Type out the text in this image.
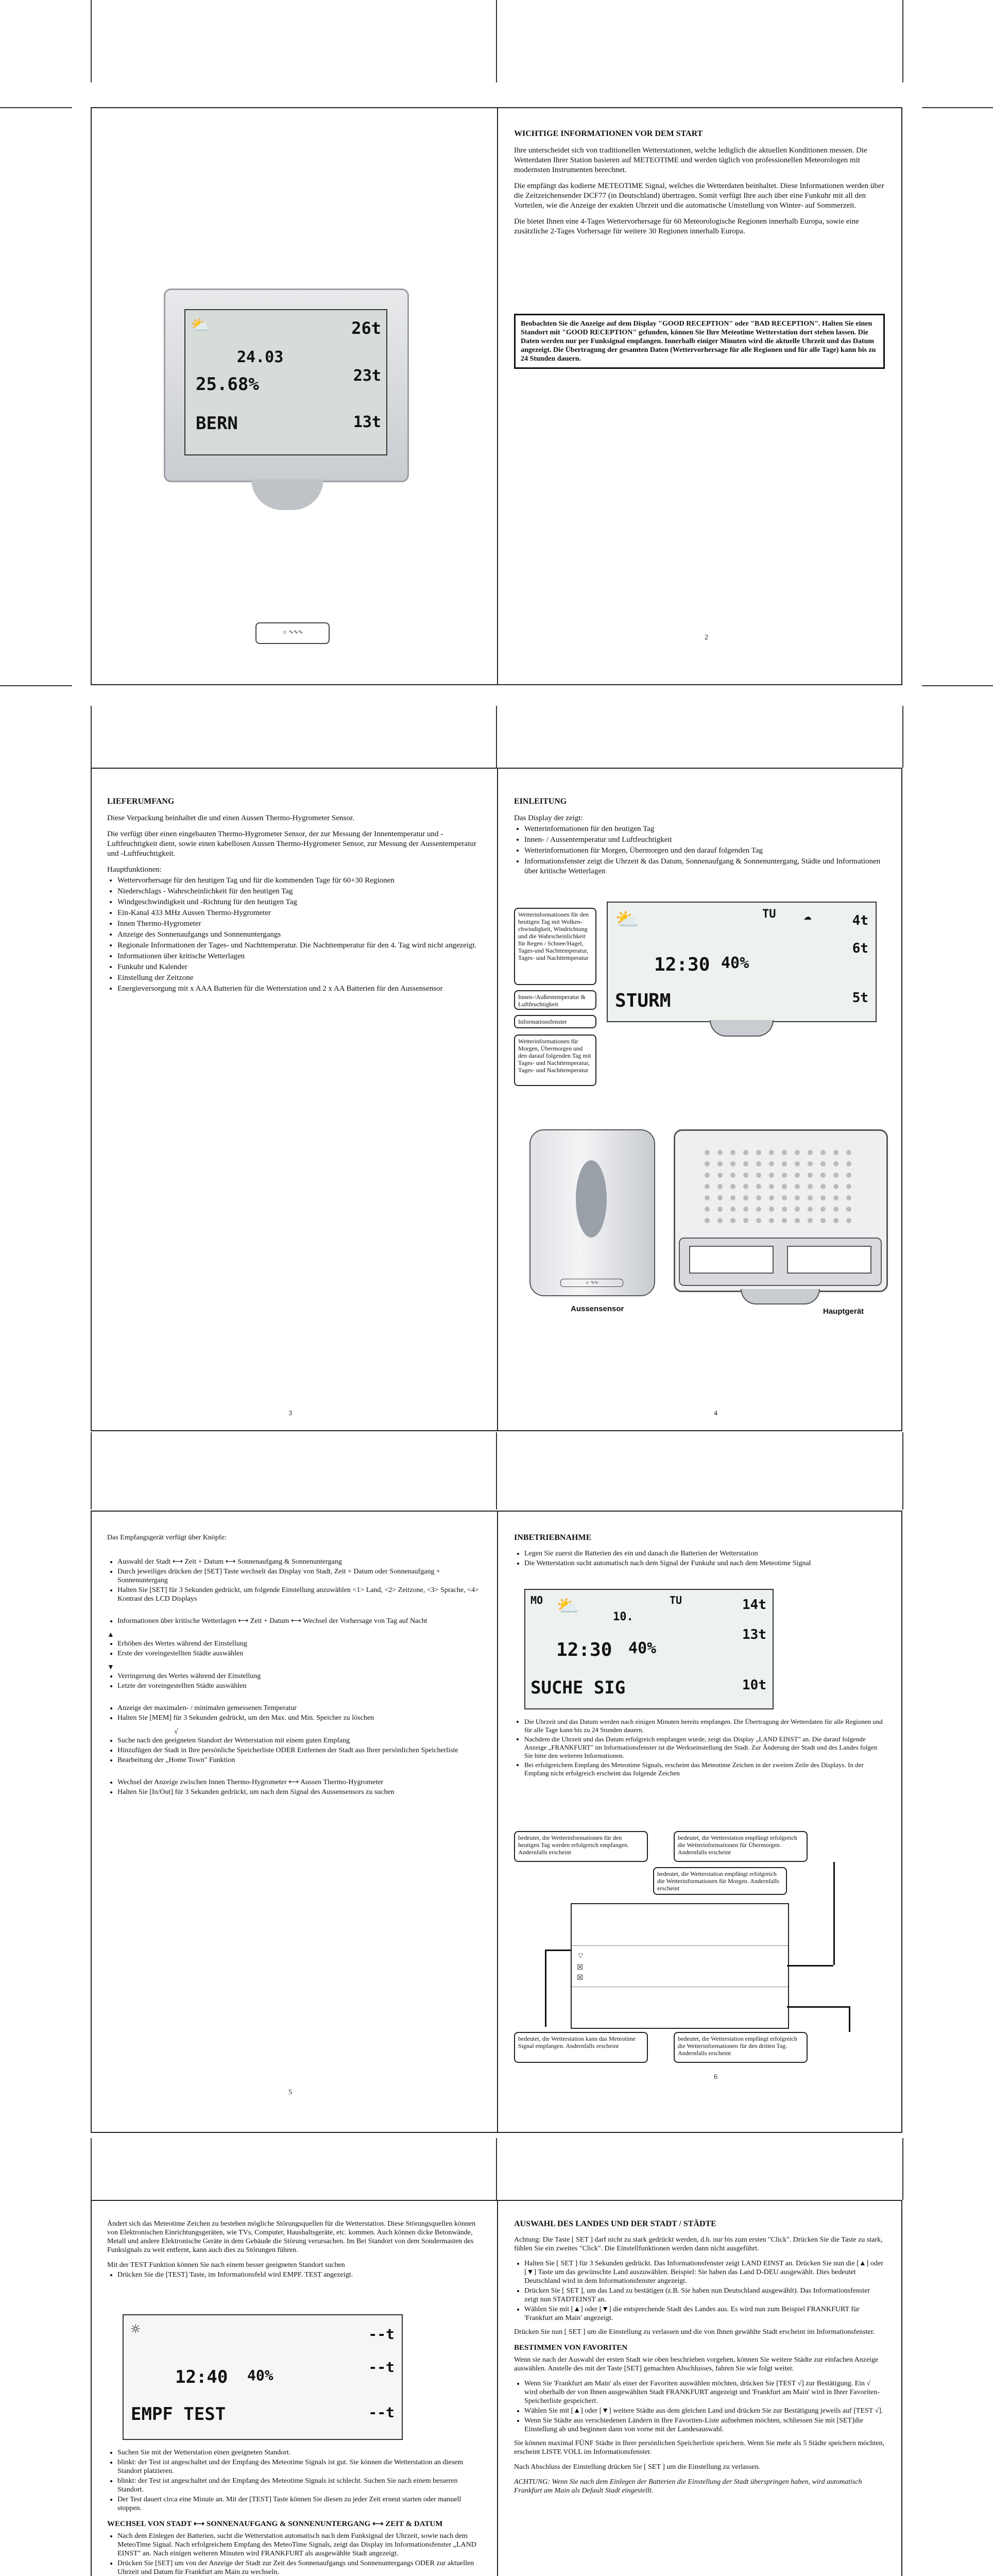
⛅	26t
24.03
25.68%	23t
BERN	13t
☼ ∿∿∿
WICHTIGE INFORMATIONEN VOR DEM START

Ihre unterscheidet sich von traditionellen Wetterstationen, welche lediglich die aktuellen Konditionen messen. Die Wetterdaten Ihrer Station basieren auf METEOTIME und werden täglich von professionellen Meteorologen mit modernsten Instrumenten berechnet.

Die empfängt das kodierte METEOTIME Signal, welches die Wetterdaten beinhaltet. Diese Informationen werden über die Zeitzeichensender DCF77 (in Deutschland) übertragen. Somit verfügt Ihre auch über eine Funkuhr mit all den Vorteilen, wie die Anzeige der exakten Uhrzeit und die automatische Umstellung von Winter- auf Sommerzeit.

Die bietet Ihnen eine 4-Tages Wettervorhersage für 60 Meteorologische Regionen innerhalb Europa, sowie eine zusätzliche 2-Tages Vorhersage für weitere 30 Regionen innerhalb Europa.

Beobachten Sie die Anzeige auf dem Display "GOOD RECEPTION" oder "BAD RECEPTION". Halten Sie einen Standort mit "GOOD RECEPTION" gefunden, können Sie Ihre Meteotime Wetterstation dort stehen lassen. Die Daten werden nur per Funksignal empfangen. Innerhalb einiger Minuten wird die aktuelle Uhrzeit und das Datum angezeigt. Die Übertragung der gesamten Daten (Wettervorhersage für alle Regionen und für alle Tage) kann bis zu 24 Stunden dauern.
2
LIEFERUMFANG

Diese Verpackung beinhaltet die und einen Aussen Thermo-Hygrometer Sensor.

Die verfügt über einen eingebauten Thermo-Hygrometer Sensor, der zur Messung der Innentemperatur und -Luftfeuchtigkeit dient, sowie einen kabellosen Aussen Thermo-Hygrometer Sensor, zur Messung der Aussentemperatur und -Luftfeuchtigkeit.

Hauptfunktionen:

• Wettervorhersage für den heutigen Tag und für die kommenden Tage für 60+30 Regionen
• Niederschlags - Wahrscheinlichkeit für den heutigen Tag
• Windgeschwindigkeit und -Richtung für den heutigen Tag
• Ein-Kanal 433 MHz Aussen Thermo-Hygrometer
• Innen Thermo-Hygrometer
• Anzeige des Sonnenaufgangs und Sonnenuntergangs
• Regionale Informationen der Tages- und Nachttemperatur. Die Nachttemperatur für den 4. Tag wird nicht angezeigt.
• Informationen über kritische Wetterlagen
• Funkuhr und Kalender
• Einstellung der Zeitzone
• Energieversorgung mit x AAA Batterien für die Wetterstation und 2 x AA Batterien für den Aussensensor
3
EINLEITUNG

Das Display der zeigt:

• Wetterinformationen für den heutigen Tag
• Innen- / Aussentemperatur und Luftfeuchtigkeit
• Wetterinformationen für Morgen, Übermorgen und den darauf folgenden Tag
• Informationsfenster zeigt die Uhrzeit & das Datum, Sonnenaufgang & Sonnenuntergang, Städte und Informationen über kritische Wetterlagen
Wetterinformationen für den heutigen Tag mit Wolken-chwindigkeit, Windrichtung und die Wahrscheinlichkeit für Regen / Schnee/Hagel, Tages-und Nachttemperatur, Tages- und Nachttemperatur
Innen-/Außentemperatur & Luftfeuchtigkeit
Informationsfenster
Wetterinformationen für Morgen, Übermorgen und den darauf folgenden Tag mit Tages- und Nachttemperatur, Tages- und Nachttemperatur
⛅	TU ☁	4t
6t
12:30 40%
STURM	5t
☼ ∿∿
Aussensensor	Hauptgerät
4

Das Empfangsgerät verfügt über Knöpfe:

• Auswahl der Stadt ⟷ Zeit + Datum ⟷ Sonnenaufgang & Sonnenuntergang
• Durch jeweiliges drücken der [SET] Taste wechselt das Display von Stadt, Zeit + Datum oder Sonnenaufgang + Sonnenuntergang
• Halten Sie [SET] für 3 Sekunden gedrückt, um folgende Einstellung anzuwählen <1> Land, <2> Zeitzone, <3> Sprache, <4> Kontrast des LCD Displays
• Informationen über kritische Wetterlagen ⟷ Zeit + Datum ⟷ Wechsel der Vorhersage von Tag auf Nacht
▲
• Erhöhen des Wertes während der Einstellung
• Erste der voreingestellten Städte auswählen
▼
• Verringerung des Wertes während der Einstellung
• Letzte der voreingestellten Städte auswählen
• Anzeige der maximalen- / minimalen gemessenen Temperatur
• Halten Sie [MEM] für 3 Sekunden gedrückt, um den Max. und Min. Speicher zu löschen
√
• Suche nach den geeigneten Standort der Wetterstation mit einem guten Empfang
• Hinzufügen der Stadt in Ihre persönliche Speicherliste ODER Entfernen der Stadt aus Ihrer persönlichen Speicherliste
• Bearbeitung der „Home Town" Funktion
• Wechsel der Anzeige zwischen Innen Thermo-Hygrometer ⟷ Aussen Thermo-Hygrometer
• Halten Sie [In/Out] für 3 Sekunden gedrückt, um nach dem Signal des Aussensensors zu suchen
5
INBETRIEBNAHME
• Legen Sie zuerst die Batterien des ein und danach die Batterien der Wetterstation
• Die Wetterstation sucht automatisch nach dem Signal der Funkuhr und nach dem Meteotime Signal
MO ⛅
10.
TU	14t
13t
12:30 40%
SUCHE SIG	10t
• Die Uhrzeit und das Datum werden nach einigen Minuten bereits empfangen. Die Übertragung der Wetterdaten für alle Regionen und für alle Tage kann bis zu 24 Stunden dauern.
• Nachdem die Uhrzeit und das Datum erfolgreich empfangen wurde, zeigt das Display „LAND EINST" an. Die darauf folgende Anzeige „FRANKFURT" im Informationsfenster ist die Werkseinstellung der Stadt. Zur Änderung der Stadt und des Landes folgen Sie bitte den weiteren Informationen.
• Bei erfolgreichem Empfang des Meteotime Signals, erscheint das Meteotime Zeichen in der zweiten Zeile des Displays. In der Empfang nicht erfolgreich erscheint das folgende Zeichen
bedeutet, die Wetterinformationen für den heutigen Tag werden erfolgreich empfangen. Andernfalls erscheint
bedeutet, die Wetterstation empfängt erfolgreich die Wetterinformationen für Übermorgen. Andernfalls erscheint
bedeutet, die Wetterstation empfängt erfolgreich die Wetterinformationen für Morgen. Andernfalls erscheint
⌔
☒
☒
bedeutet, die Wetterstation kann das Meteotime Signal empfangen. Andernfalls erscheint
bedeutet, die Wetterstation empfängt erfolgreich die Wetterinformationen für den dritten Tag. Andernfalls erscheint
6

Ändert sich das Meteotime Zeichen zu bestehen mögliche Störungsquellen für die Wetterstation. Diese Störungsquellen können von Elektronischen Einrichtungsgeräten, wie TVs, Computer, Haushaltsgeräte, etc. kommen. Auch können dicke Betonwände, Metall und andere Elektronische Geräte in dem Gebäude die Störung verursachen. Im Bei Standort von dem Sondermasten des Funksignals zu weit entfernt, kann auch dies zu Störungen führen.

Mit der TEST Funktion können Sie nach einem besser geeigneten Standort suchen

• Drücken Sie die [TEST] Taste, im Informationsfeld wird EMPF. TEST angezeigt.
☼	--t
--t
12:40 40%
EMPF TEST	--t
• Suchen Sie mit der Wetterstation einen geeigneten Standort.
• blinkt: der Test ist angeschaltet und der Empfang des Meteotime Signals ist gut. Sie können die Wetterstation an diesem Standort platzieren.
• blinkt: der Test ist angeschaltet und der Empfang des Meteotime Signals ist schlecht. Suchen Sie nach einem besseren Standort.
• Der Test dauert circa eine Minute an. Mit der [TEST] Taste können Sie diesen zu jeder Zeit erneut starten oder manuell stoppen.
WECHSEL VON STADT ⟷ SONNENAUFGANG & SONNENUNTERGANG ⟷ ZEIT & DATUM
• Nach dem Einlegen der Batterien, sucht die Wetterstation automatisch nach dem Funksignal der Uhrzeit, sowie nach dem MeteoTime Signal. Nach erfolgreichem Empfang des MeteoTime Signals, zeigt das Display im Informationsfenster „LAND EINST" an. Nach einigen weiteren Minuten wird FRANKFURT als ausgewählte Stadt angezeigt.
• Drücken Sie [SET] um von der Anzeige der Stadt zur Zeit des Sonnenaufgangs und Sonnenuntergangs ODER zur aktuellen Uhrzeit und Datum für Frankfurt am Main zu wechseln.
AUSWAHL DES LANDES UND DER STADT / STÄDTE

Achtung: Die Taste [ SET ] darf nicht zu stark gedrückt werden, d.h. nur bis zum ersten "Click". Drücken Sie die Taste zu stark, fühlen Sie ein zweites "Click". Die Einstellfunktionen werden dann nicht ausgeführt.

• Halten Sie [ SET ] für 3 Sekunden gedrückt. Das Informationsfenster zeigt LAND EINST an. Drücken Sie nun die [▲] oder [▼] Taste um das gewünschte Land auszuwählen. Beispiel: Sie haben das Land D-DEU ausgewählt. Dies bedeutet Deutschland wird in dem Informationsfenster angezeigt.
• Drücken Sie [ SET ], um das Land zu bestätigen (z.B. Sie haben nun Deutschland ausgewählt). Das Informationsfenster zeigt nun STADTEINST an.
• Wählen Sie mit [▲] oder [▼] die entsprechende Stadt des Landes aus. Es wird nun zum Beispiel FRANKFURT für 'Frankfurt am Main' angezeigt.

Drücken Sie nun [ SET ] um die Einstellung zu verlassen und die von Ihnen gewählte Stadt erscheint im Informationsfenster.

BESTIMMEN VON FAVORITEN

Wenn sie nach der Auswahl der ersten Stadt wie oben beschrieben vorgehen, können Sie weitere Städte zur einfachen Anzeige auswählen. Anstelle des mit der Taste [SET] gemachten Abschlusses, fahren Sie wie folgt weiter.

• Wenn Sie 'Frankfurt am Main' als einer der Favoriten auswählen möchten, drücken Sie [TEST √] zur Bestätigung. Ein √ wird oberhalb der von Ihnen ausgewählten Stadt FRANKFURT angezeigt und 'Frankfurt am Main' wird in Ihrer Favoriten-Speicherliste gespeichert.
• Wählen Sie mit [▲] oder [▼] weitere Städte aus dem gleichen Land und drücken Sie zur Bestätigung jeweils auf [TEST √].
• Wenn Sie Städte aus verschiedenen Ländern in Ihre Favoriten-Liste aufnehmen möchten, schliessen Sie mit [SET]die Einstellung ab und beginnen dann von vorne mit der Landesauswahl.

Sie können maximal FÜNF Städte in Ihrer persönlichen Speicherliste speichern. Wenn Sie mehr als 5 Städte speichern möchten, erscheint LISTE VOLL im Informationsfenster.

Nach Abschluss der Einstellung drücken Sie [ SET ] um die Einstellung zu verlassen.

ACHTUNG: Wenn Sie nach dem Einlegen der Batterien die Einstellung der Stadt überspringen haben, wird automatisch Frankfurt am Main als Default Stadt eingestellt.
